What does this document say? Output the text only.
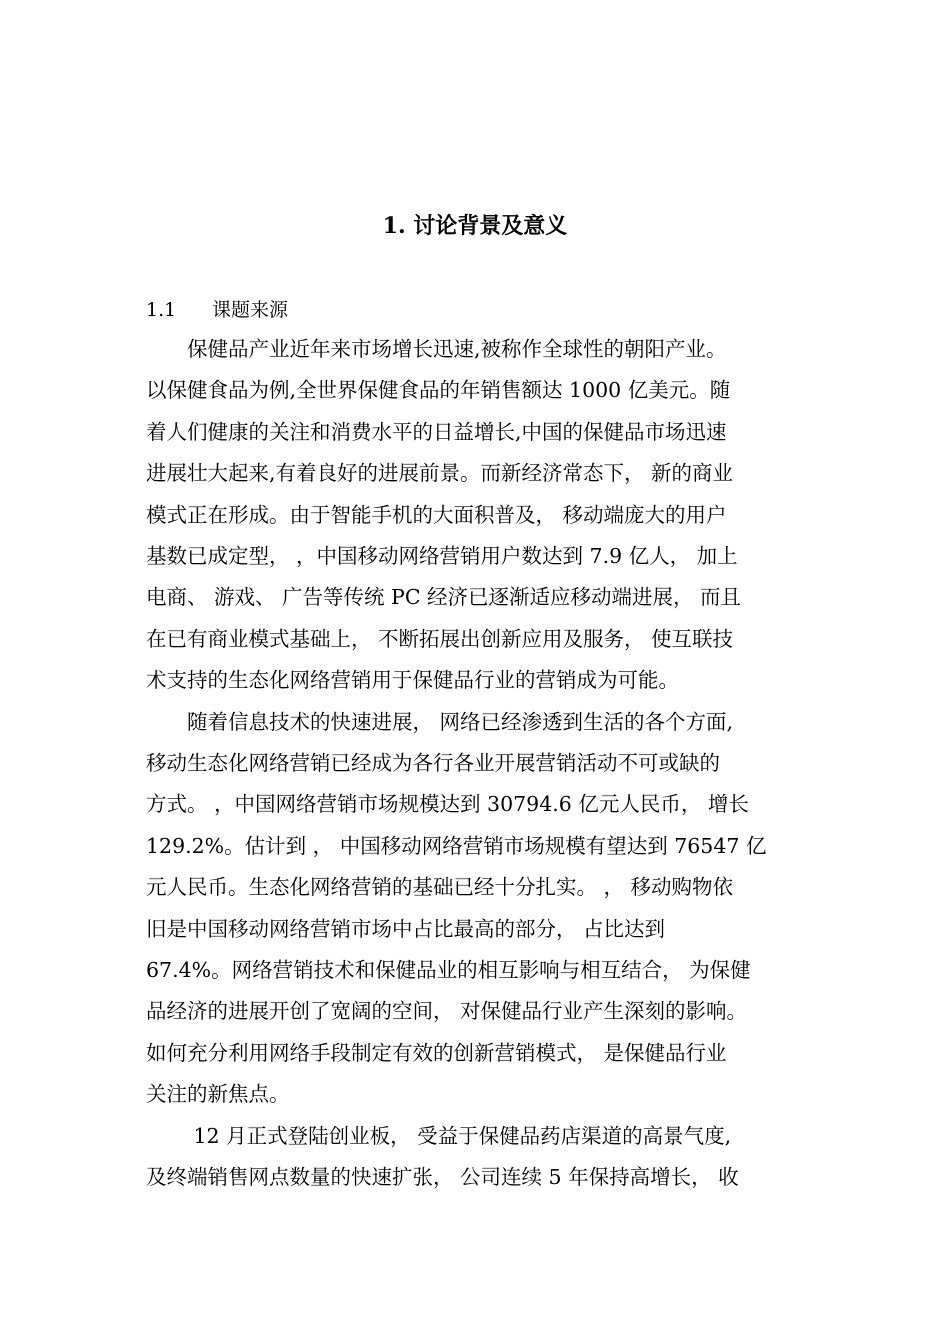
1. 讨论背景及意义
1.1 课题来源
　　保健品产业近年来市场增长迅速,被称作全球性的朝阳产业。
以保健食品为例,全世界保健食品的年销售额达 1000 亿美元。随
着人们健康的关注和消费水平的日益增长,中国的保健品市场迅速
进展壮大起来,有着良好的进展前景。而新经济常态下， 新的商业
模式正在形成。由于智能手机的大面积普及， 移动端庞大的用户
基数已成定型， ，中国移动网络营销用户数达到 7.9 亿人， 加上
电商、 游戏、 广告等传统 PC 经济已逐渐适应移动端进展， 而且
在已有商业模式基础上， 不断拓展出创新应用及服务， 使互联技
术支持的生态化网络营销用于保健品行业的营销成为可能。
　　随着信息技术的快速进展， 网络已经渗透到生活的各个方面,
移动生态化网络营销已经成为各行各业开展营销活动不可或缺的
方式。 ，中国网络营销市场规模达到 30794.6 亿元人民币， 增长
129.2%。估计到 ， 中国移动网络营销市场规模有望达到 76547 亿
元人民币。生态化网络营销的基础已经十分扎实。 ， 移动购物依
旧是中国移动网络营销市场中占比最高的部分， 占比达到
67.4%。网络营销技术和保健品业的相互影响与相互结合， 为保健
品经济的进展开创了宽阔的空间， 对保健品行业产生深刻的影响。
如何充分利用网络手段制定有效的创新营销模式， 是保健品行业
关注的新焦点。
　　 12 月正式登陆创业板， 受益于保健品药店渠道的高景气度,
及终端销售网点数量的快速扩张， 公司连续 5 年保持高增长， 收
